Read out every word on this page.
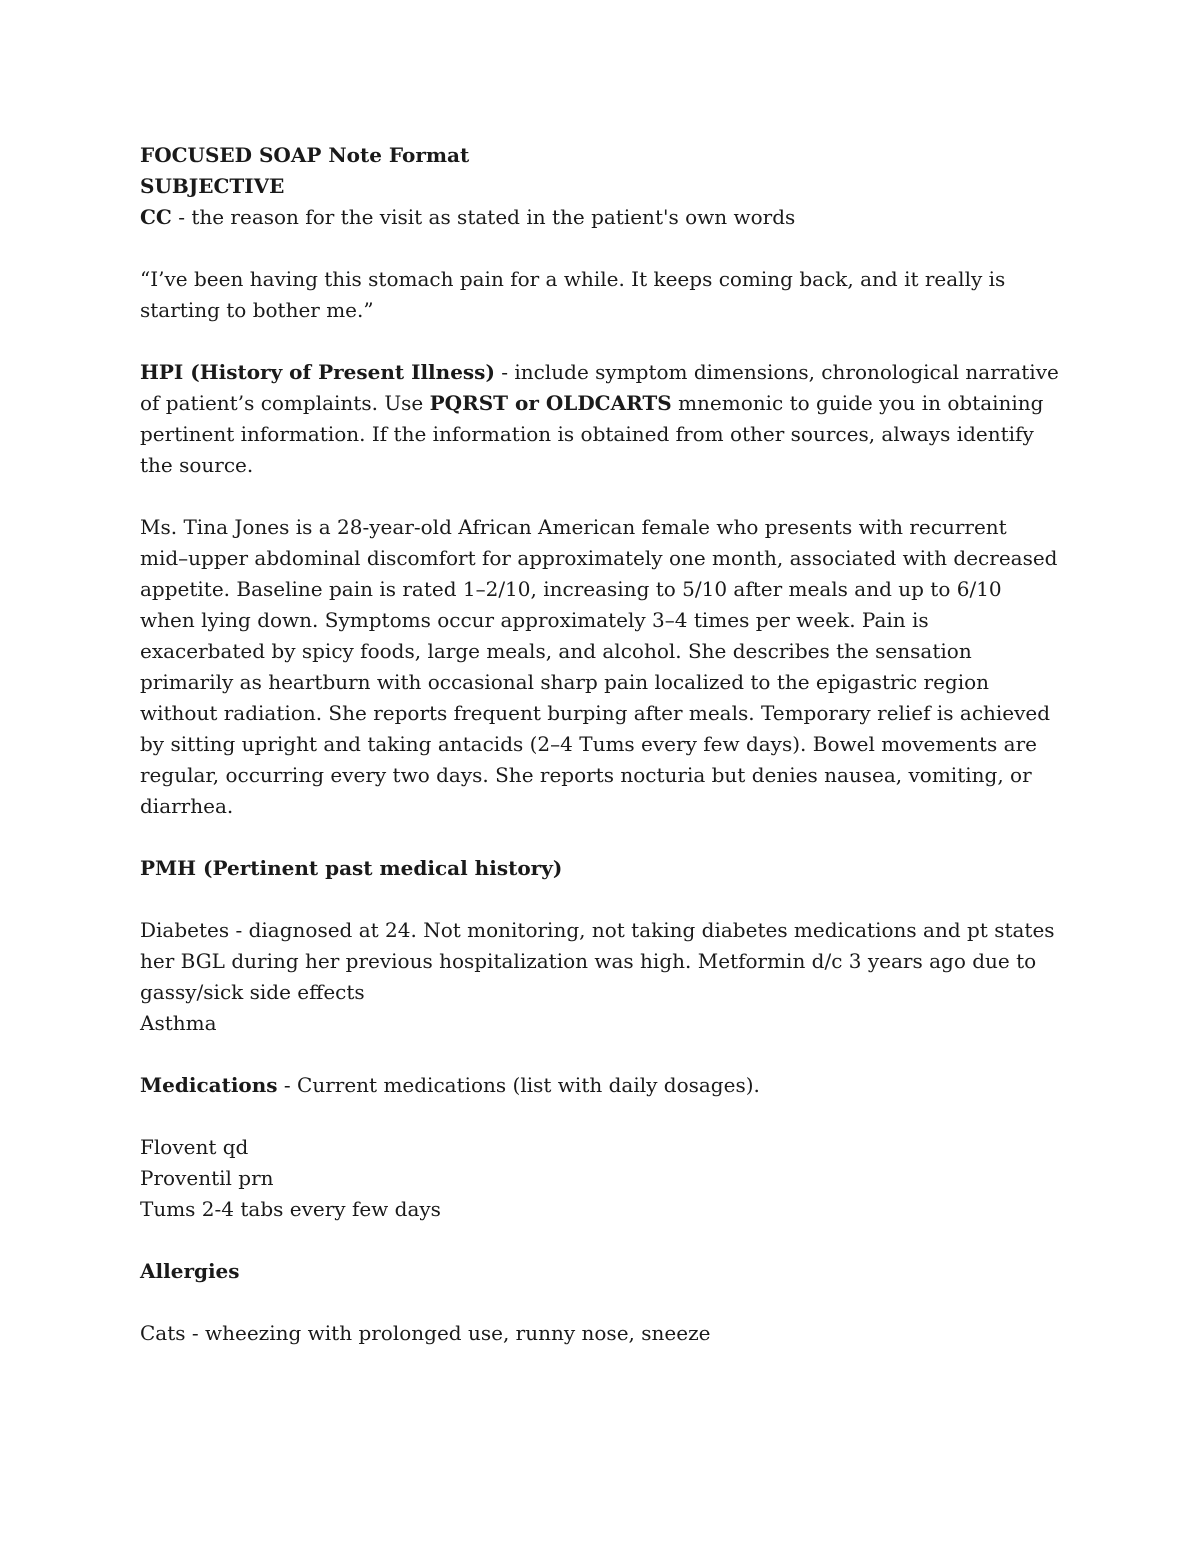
FOCUSED SOAP Note Format

SUBJECTIVE

CC - the reason for the visit as stated in the patient's own words

“I’ve been having this stomach pain for a while. It keeps coming back, and it really is starting to bother me.”

HPI (History of Present Illness) - include symptom dimensions, chronological narrative of patient’s complaints. Use PQRST or OLDCARTS mnemonic to guide you in obtaining pertinent information. If the information is obtained from other sources, always identify the source.

Ms. Tina Jones is a 28-year-old African American female who presents with recurrent mid–upper abdominal discomfort for approximately one month, associated with decreased appetite. Baseline pain is rated 1–2/10, increasing to 5/10 after meals and up to 6/10 when lying down. Symptoms occur approximately 3–4 times per week. Pain is exacerbated by spicy foods, large meals, and alcohol. She describes the sensation primarily as heartburn with occasional sharp pain localized to the epigastric region without radiation. She reports frequent burping after meals. Temporary relief is achieved by sitting upright and taking antacids (2–4 Tums every few days). Bowel movements are regular, occurring every two days. She reports nocturia but denies nausea, vomiting, or diarrhea.

PMH (Pertinent past medical history)

Diabetes - diagnosed at 24. Not monitoring, not taking diabetes medications and pt states her BGL during her previous hospitalization was high. Metformin d/c 3 years ago due to gassy/sick side effects

Asthma

Medications - Current medications (list with daily dosages).

Flovent qd

Proventil prn

Tums 2-4 tabs every few days

Allergies

Cats - wheezing with prolonged use, runny nose, sneeze
